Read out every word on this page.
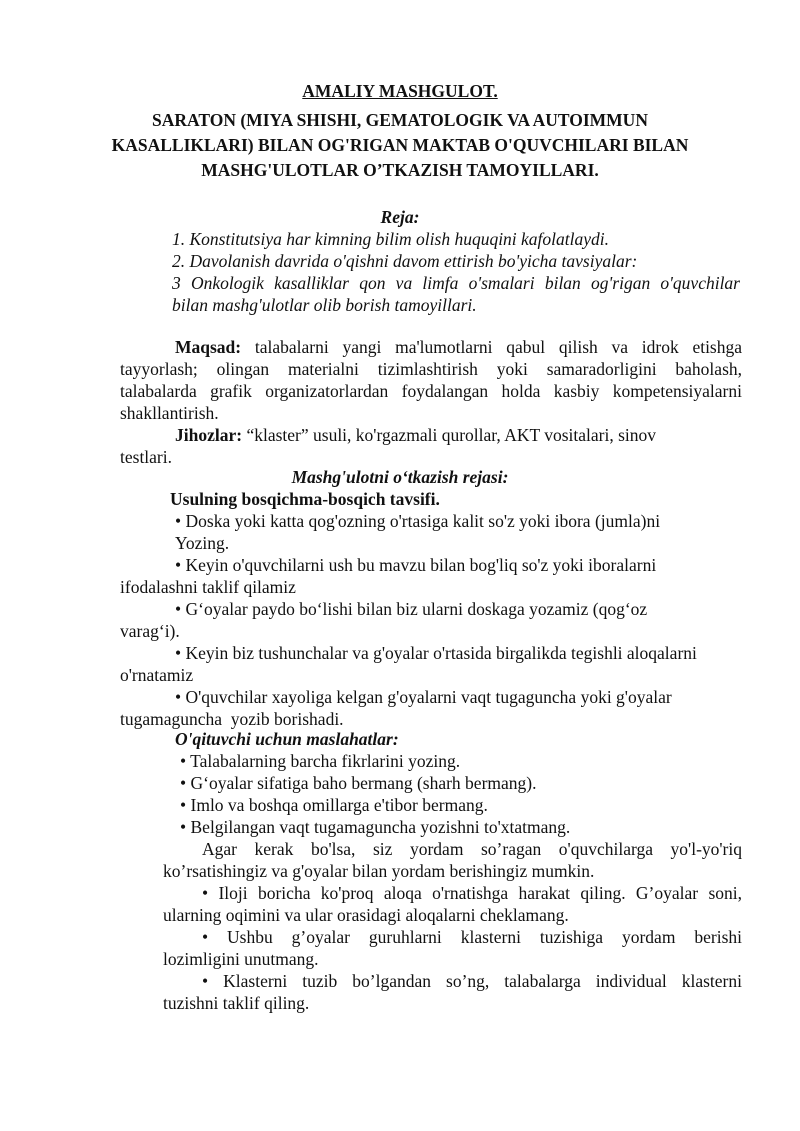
AMALIY MASHGULOT.
SARATON (MIYA SHISHI, GEMATOLOGIK VA AUTOIMMUN
KASALLIKLARI) BILAN OG'RIGAN MAKTAB O'QUVCHILARI BILAN
MASHG'ULOTLAR O’TKAZISH TAMOYILLARI.
Reja:
1. Konstitutsiya har kimning bilim olish huquqini kafolatlaydi.
2. Davolanish davrida o'qishni davom ettirish bo'yicha tavsiyalar:
3 Onkologik kasalliklar qon va limfa o'smalari bilan og'rigan o'quvchilar
bilan mashg'ulotlar olib borish tamoyillari.
Maqsad: talabalarni yangi ma'lumotlarni qabul qilish va idrok etishga
tayyorlash; olingan materialni tizimlashtirish yoki samaradorligini baholash,
talabalarda grafik organizatorlardan foydalangan holda kasbiy kompetensiyalarni
shakllantirish.
Jihozlar: “klaster” usuli, ko'rgazmali qurollar, AKT vositalari, sinov
testlari.
Mashg'ulotni o‘tkazish rejasi:
Usulning bosqichma-bosqich tavsifi.
• Doska yoki katta qog'ozning o'rtasiga kalit so'z yoki ibora (jumla)ni
Yozing.
• Keyin o'quvchilarni ush bu mavzu bilan bog'liq so'z yoki iboralarni
ifodalashni taklif qilamiz
• G‘oyalar paydo bo‘lishi bilan biz ularni doskaga yozamiz (qog‘oz
varag‘i).
• Keyin biz tushunchalar va g'oyalar o'rtasida birgalikda tegishli aloqalarni
o'rnatamiz
• O'quvchilar xayoliga kelgan g'oyalarni vaqt tugaguncha yoki g'oyalar
tugamaguncha  yozib borishadi.
O'qituvchi uchun maslahatlar:
• Talabalarning barcha fikrlarini yozing.
• G‘oyalar sifatiga baho bermang (sharh bermang).
• Imlo va boshqa omillarga e'tibor bermang.
• Belgilangan vaqt tugamaguncha yozishni to'xtatmang.
Agar kerak bo'lsa, siz yordam so’ragan o'quvchilarga yo'l-yo'riq
ko’rsatishingiz va g'oyalar bilan yordam berishingiz mumkin.
• Iloji boricha ko'proq aloqa o'rnatishga harakat qiling. G’oyalar soni,
ularning oqimini va ular orasidagi aloqalarni cheklamang.
• Ushbu g’oyalar guruhlarni klasterni tuzishiga yordam berishi
lozimligini unutmang.
• Klasterni tuzib bo’lgandan so’ng, talabalarga individual klasterni
tuzishni taklif qiling.
